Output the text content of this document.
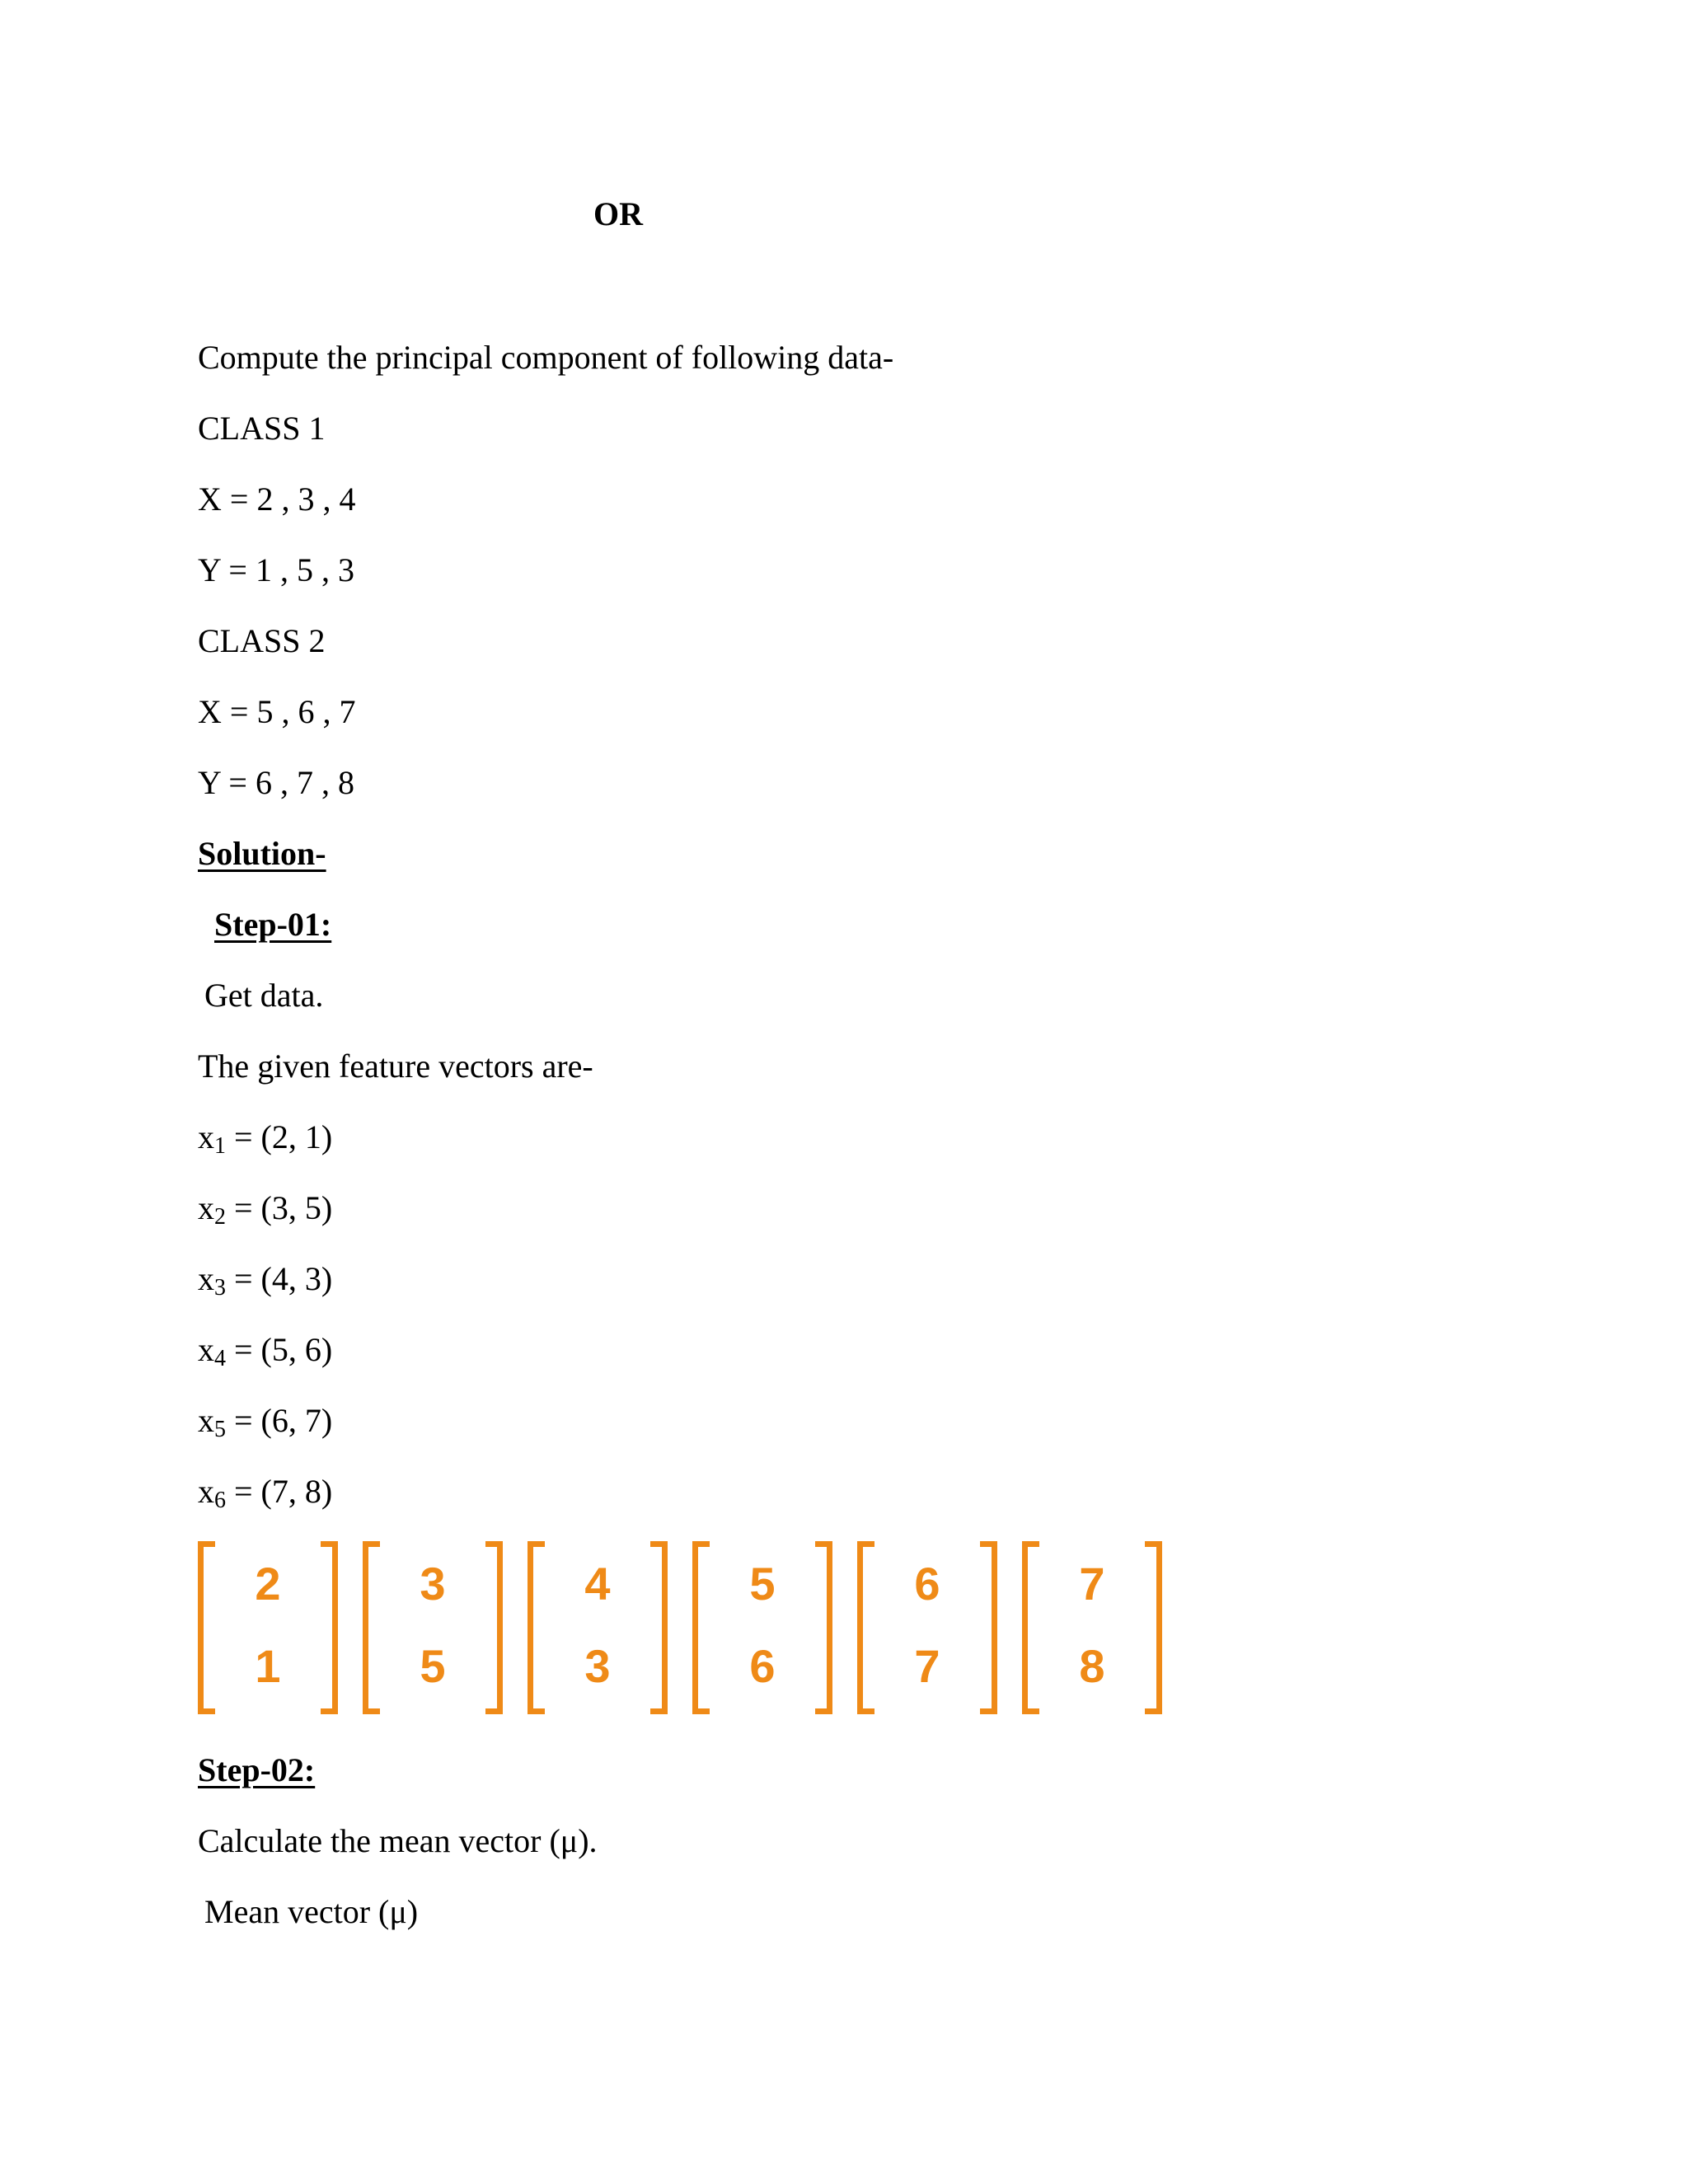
OR
Compute the principal component of following data-
CLASS 1
X = 2 , 3 , 4
Y = 1 , 5 , 3
CLASS 2
X = 5 , 6 , 7
Y = 6 , 7 , 8
Solution-
Step-01:
Get data.
The given feature vectors are-
$x_1 = (2$, 1)
$x_2 = (3$, 5)
$x_3 = (4$, 3)
$x_4 = (5$, 6)
$x_5 = (6$, 7)
$x_6 = (7$, 8)
2
1
3
5
4
3
5
6
6
7
7
8
Step-02:
Calculate the mean vector (μ).
Mean vector (μ)
